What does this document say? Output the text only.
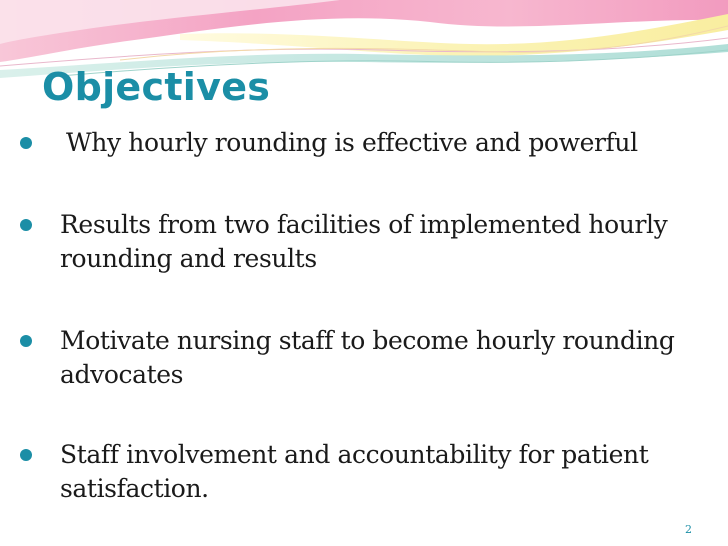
Objectives
Why hourly rounding is effective and powerful
Results from two facilities of implemented hourly rounding and results
Motivate nursing staff to become hourly rounding advocates
Staff involvement and accountability for patient satisfaction.
2
